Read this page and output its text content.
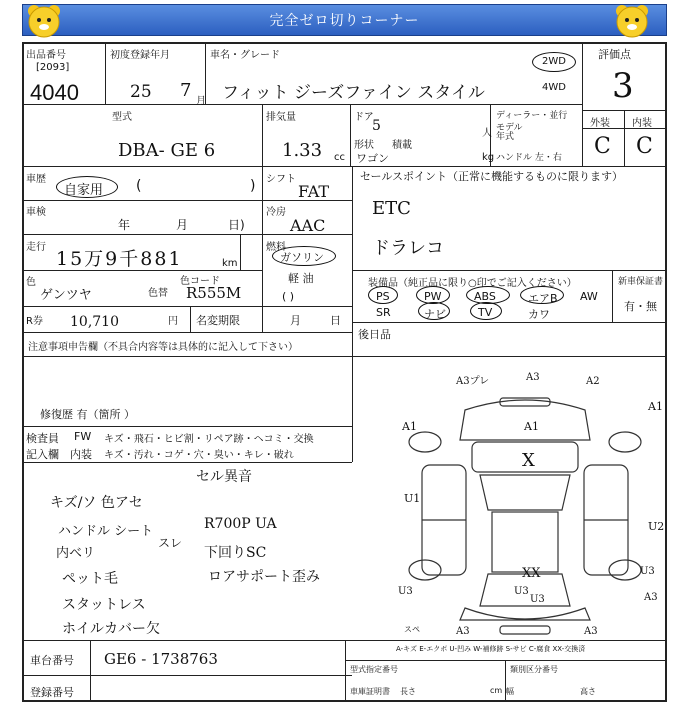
完全ゼロ切りコーナー
出品番号
[2093]
4040
初度登録年月
25 7
月
車名・グレード
フィット ジーズファイン スタイル
2WD
4WD
評価点
3
外装 内装
C C
型式
DBA- GE 6
排気量
1.33 cc
ドア
5
形状
ワゴン
積載
kg
人
ディーラー・並行
モデル
年式
ハンドル 左・右
車歴
自家用 (	) シフト
FAT
車検
年	月	日)
冷房
AAC
走行
15万9千881	km
燃料
ガソリン
軽 油
( )
色
ゲンツヤ	色替
色コード
R555M
R券 10,710	円 名変期限	月	日
セールスポイント（正常に機能するものに限ります）
ETC
ドラレコ
装備品（純正品に限り○印でご記入ください）
PS	PW	ABS	エアB AW
SR	ナビ	TV	カワ
新車保証書
有・無
後日品
注意事項申告欄（不具合内容等は具体的に記入して下さい）
修復歴 有（箇所 ）
検査員 FW キズ・飛石・ヒビ割・リペア跡・ヘコミ・交換
記入欄 内装 キズ・汚れ・コゲ・穴・臭い・キレ・破れ
セル異音
キズ/ソ 色アセ
ハンドル シート
内ベリ
ペット毛
スタットレス
ホイルカバー欠
R700P UA
下回りSC
ロアサポート歪み
スレ
A3プレ	A3	A2
A1	A1
A1
X
U1
U2
XX
U3
U3
U3
U3
A3
A3	A3
スペ
A-キズ E-エクボ U-凹み W-補修跡 S-サビ C-腐食 XX-交換済
車台番号 GE6 - 1738763
登録番号
型式指定番号	類別区分番号
車庫証明書 長さ	cm 幅	高さ
